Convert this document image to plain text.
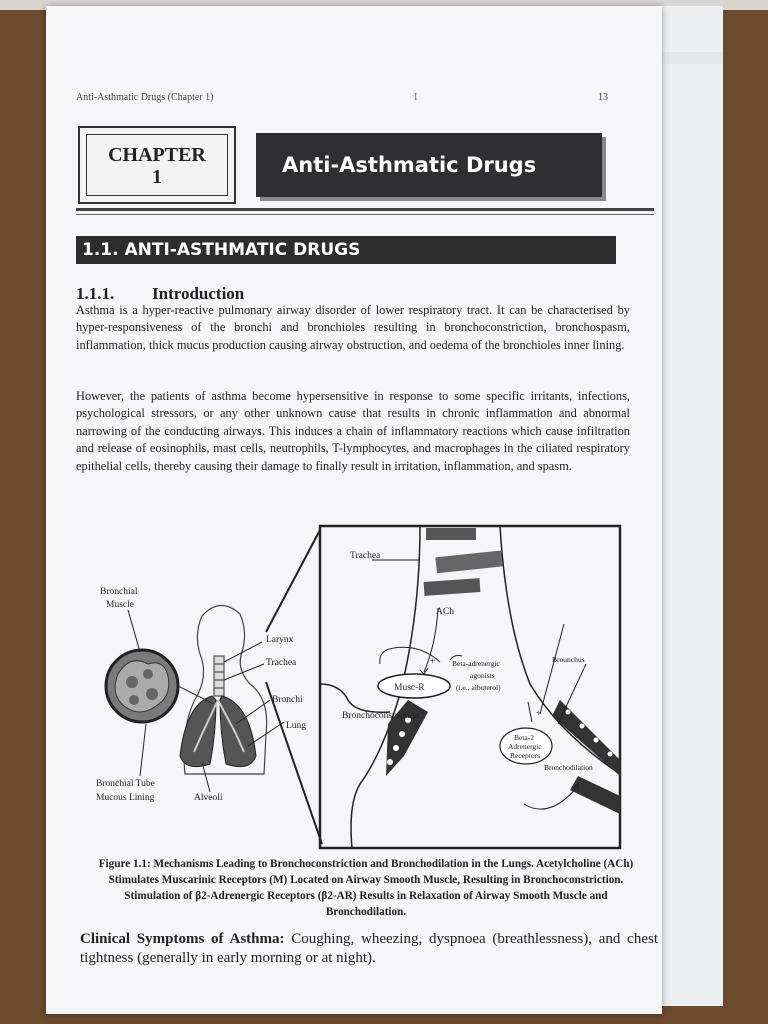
Anti-Asthmatic Drugs (Chapter 1)	I	13
CHAPTER
1	Anti-Asthmatic Drugs
1.1. ANTI-ASTHMATIC DRUGS
1.1.1. Introduction

Asthma is a hyper-reactive pulmonary airway disorder of lower respiratory tract. It can be characterised by hyper-responsiveness of the bronchi and bronchioles resulting in bronchoconstriction, bronchospasm, inflammation, thick mucus production causing airway obstruction, and oedema of the bronchioles inner lining.

However, the patients of asthma become hypersensitive in response to some specific irritants, infections, psychological stressors, or any other unknown cause that results in chronic inflammation and abnormal narrowing of the conducting airways. This induces a chain of inflammatory reactions which cause infiltration and release of eosinophils, mast cells, neutrophils, T-lymphocytes, and macrophages in the ciliated respiratory epithelial cells, thereby causing their damage to finally result in irritation, inflammation, and spasm.

Bronchial
Muscle
Larynx
Trachea
Bronchi
Lung
Bronchial Tube
Mucous Lining	Alveoli
Trachea
ACh
Musc-R
+ Beta-adrenergic
agonists
(i.e., albuterol)
Brounchus
Bronchoconstriction	+
Beta-2
Adrenergic
Receptors
Bronchodilation

Figure 1.1: Mechanisms Leading to Bronchoconstriction and Bronchodilation in the Lungs. Acetylcholine (ACh) Stimulates Muscarinic Receptors (M) Located on Airway Smooth Muscle, Resulting in Bronchoconstriction. Stimulation of β2-Adrenergic Receptors (β2-AR) Results in Relaxation of Airway Smooth Muscle and Bronchodilation.

Clinical Symptoms of Asthma: Coughing, wheezing, dyspnoea (breathlessness), and chest tightness (generally in early morning or at night).
